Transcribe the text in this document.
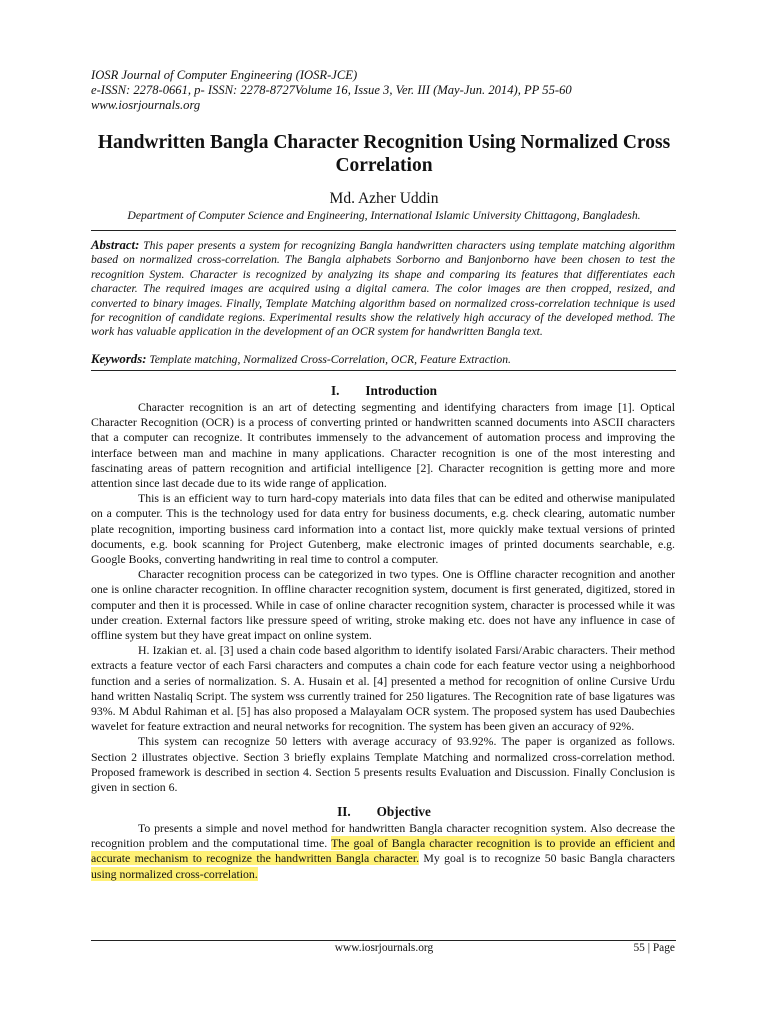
IOSR Journal of Computer Engineering (IOSR-JCE)
e-ISSN: 2278-0661, p- ISSN: 2278-8727Volume 16, Issue 3, Ver. III (May-Jun. 2014), PP 55-60
www.iosrjournals.org
Handwritten Bangla Character Recognition Using Normalized Cross Correlation
Md. Azher Uddin
Department of Computer Science and Engineering, International Islamic University Chittagong, Bangladesh.
Abstract: This paper presents a system for recognizing Bangla handwritten characters using template matching algorithm based on normalized cross-correlation. The Bangla alphabets Sorborno and Banjonborno have been chosen to test the recognition System. Character is recognized by analyzing its shape and comparing its features that differentiates each character. The required images are acquired using a digital camera. The color images are then cropped, resized, and converted to binary images. Finally, Template Matching algorithm based on normalized cross-correlation technique is used for recognition of candidate regions. Experimental results show the relatively high accuracy of the developed method. The work has valuable application in the development of an OCR system for handwritten Bangla text.
Keywords: Template matching, Normalized Cross-Correlation, OCR, Feature Extraction.
I. Introduction

Character recognition is an art of detecting segmenting and identifying characters from image [1]. Optical Character Recognition (OCR) is a process of converting printed or handwritten scanned documents into ASCII characters that a computer can recognize. It contributes immensely to the advancement of automation process and improving the interface between man and machine in many applications. Character recognition is one of the most interesting and fascinating areas of pattern recognition and artificial intelligence [2]. Character recognition is getting more and more attention since last decade due to its wide range of application.

This is an efficient way to turn hard-copy materials into data files that can be edited and otherwise manipulated on a computer. This is the technology used for data entry for business documents, e.g. check clearing, automatic number plate recognition, importing business card information into a contact list, more quickly make textual versions of printed documents, e.g. book scanning for Project Gutenberg, make electronic images of printed documents searchable, e.g. Google Books, converting handwriting in real time to control a computer.

Character recognition process can be categorized in two types. One is Offline character recognition and another one is online character recognition. In offline character recognition system, document is first generated, digitized, stored in computer and then it is processed. While in case of online character recognition system, character is processed while it was under creation. External factors like pressure speed of writing, stroke making etc. does not have any influence in case of offline system but they have great impact on online system.

H. Izakian et. al. [3] used a chain code based algorithm to identify isolated Farsi/Arabic characters. Their method extracts a feature vector of each Farsi characters and computes a chain code for each feature vector using a neighborhood function and a series of normalization. S. A. Husain et al. [4] presented a method for recognition of online Cursive Urdu hand written Nastaliq Script. The system wss currently trained for 250 ligatures. The Recognition rate of base ligatures was 93%. M Abdul Rahiman et al. [5] has also proposed a Malayalam OCR system. The proposed system has used Daubechies wavelet for feature extraction and neural networks for recognition. The system has been given an accuracy of 92%.

This system can recognize 50 letters with average accuracy of 93.92%. The paper is organized as follows. Section 2 illustrates objective. Section 3 briefly explains Template Matching and normalized cross-correlation method. Proposed framework is described in section 4. Section 5 presents results Evaluation and Discussion. Finally Conclusion is given in section 6.

II. Objective

To presents a simple and novel method for handwritten Bangla character recognition system. Also decrease the recognition problem and the computational time. The goal of Bangla character recognition is to provide an efficient and accurate mechanism to recognize the handwritten Bangla character. My goal is to recognize 50 basic Bangla characters using normalized cross-correlation.

www.iosrjournals.org	55 | Page
